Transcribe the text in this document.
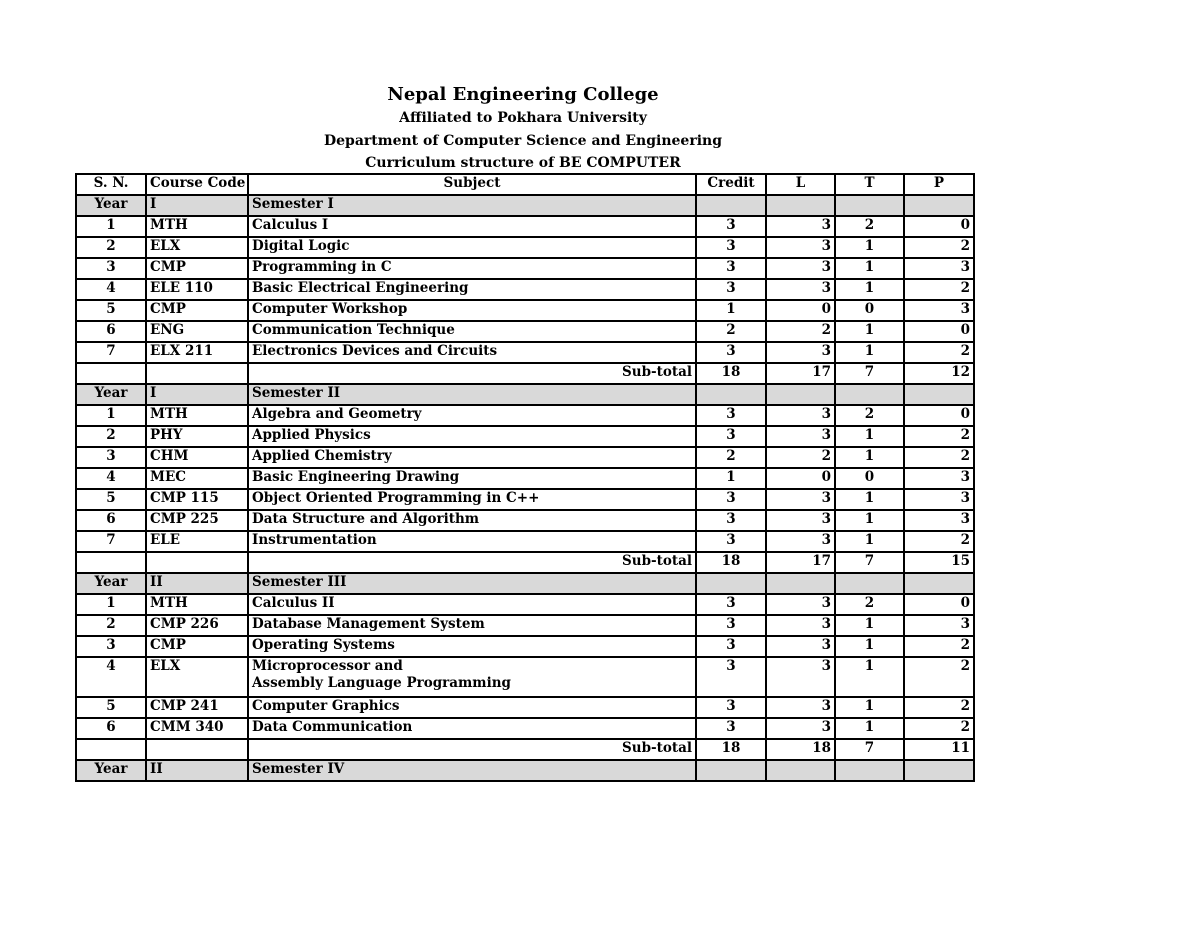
Nepal Engineering College
Affiliated to Pokhara University
Department of Computer Science and Engineering
Curriculum structure of BE COMPUTER
S. N.	Course Code	Subject	Credit	L	T	P
Year	I	Semester I				
1	MTH	Calculus I	3	3	2	0
2	ELX	Digital Logic	3	3	1	2
3	CMP	Programming in C	3	3	1	3
4	ELE 110	Basic Electrical Engineering	3	3	1	2
5	CMP	Computer Workshop	1	0	0	3
6	ENG	Communication Technique	2	2	1	0
7	ELX 211	Electronics Devices and Circuits	3	3	1	2
		Sub-total	18	17	7	12
Year	I	Semester II				
1	MTH	Algebra and Geometry	3	3	2	0
2	PHY	Applied Physics	3	3	1	2
3	CHM	Applied Chemistry	2	2	1	2
4	MEC	Basic Engineering Drawing	1	0	0	3
5	CMP 115	Object Oriented Programming in C++	3	3	1	3
6	CMP 225	Data Structure and Algorithm	3	3	1	3
7	ELE	Instrumentation	3	3	1	2
		Sub-total	18	17	7	15
Year	II	Semester III				
1	MTH	Calculus II	3	3	2	0
2	CMP 226	Database Management System	3	3	1	3
3	CMP	Operating Systems	3	3	1	2
4	ELX	Microprocessor and
Assembly Language Programming	3	3	1	2
5	CMP 241	Computer Graphics	3	3	1	2
6	CMM 340	Data Communication	3	3	1	2
		Sub-total	18	18	7	11
Year	II	Semester IV				
